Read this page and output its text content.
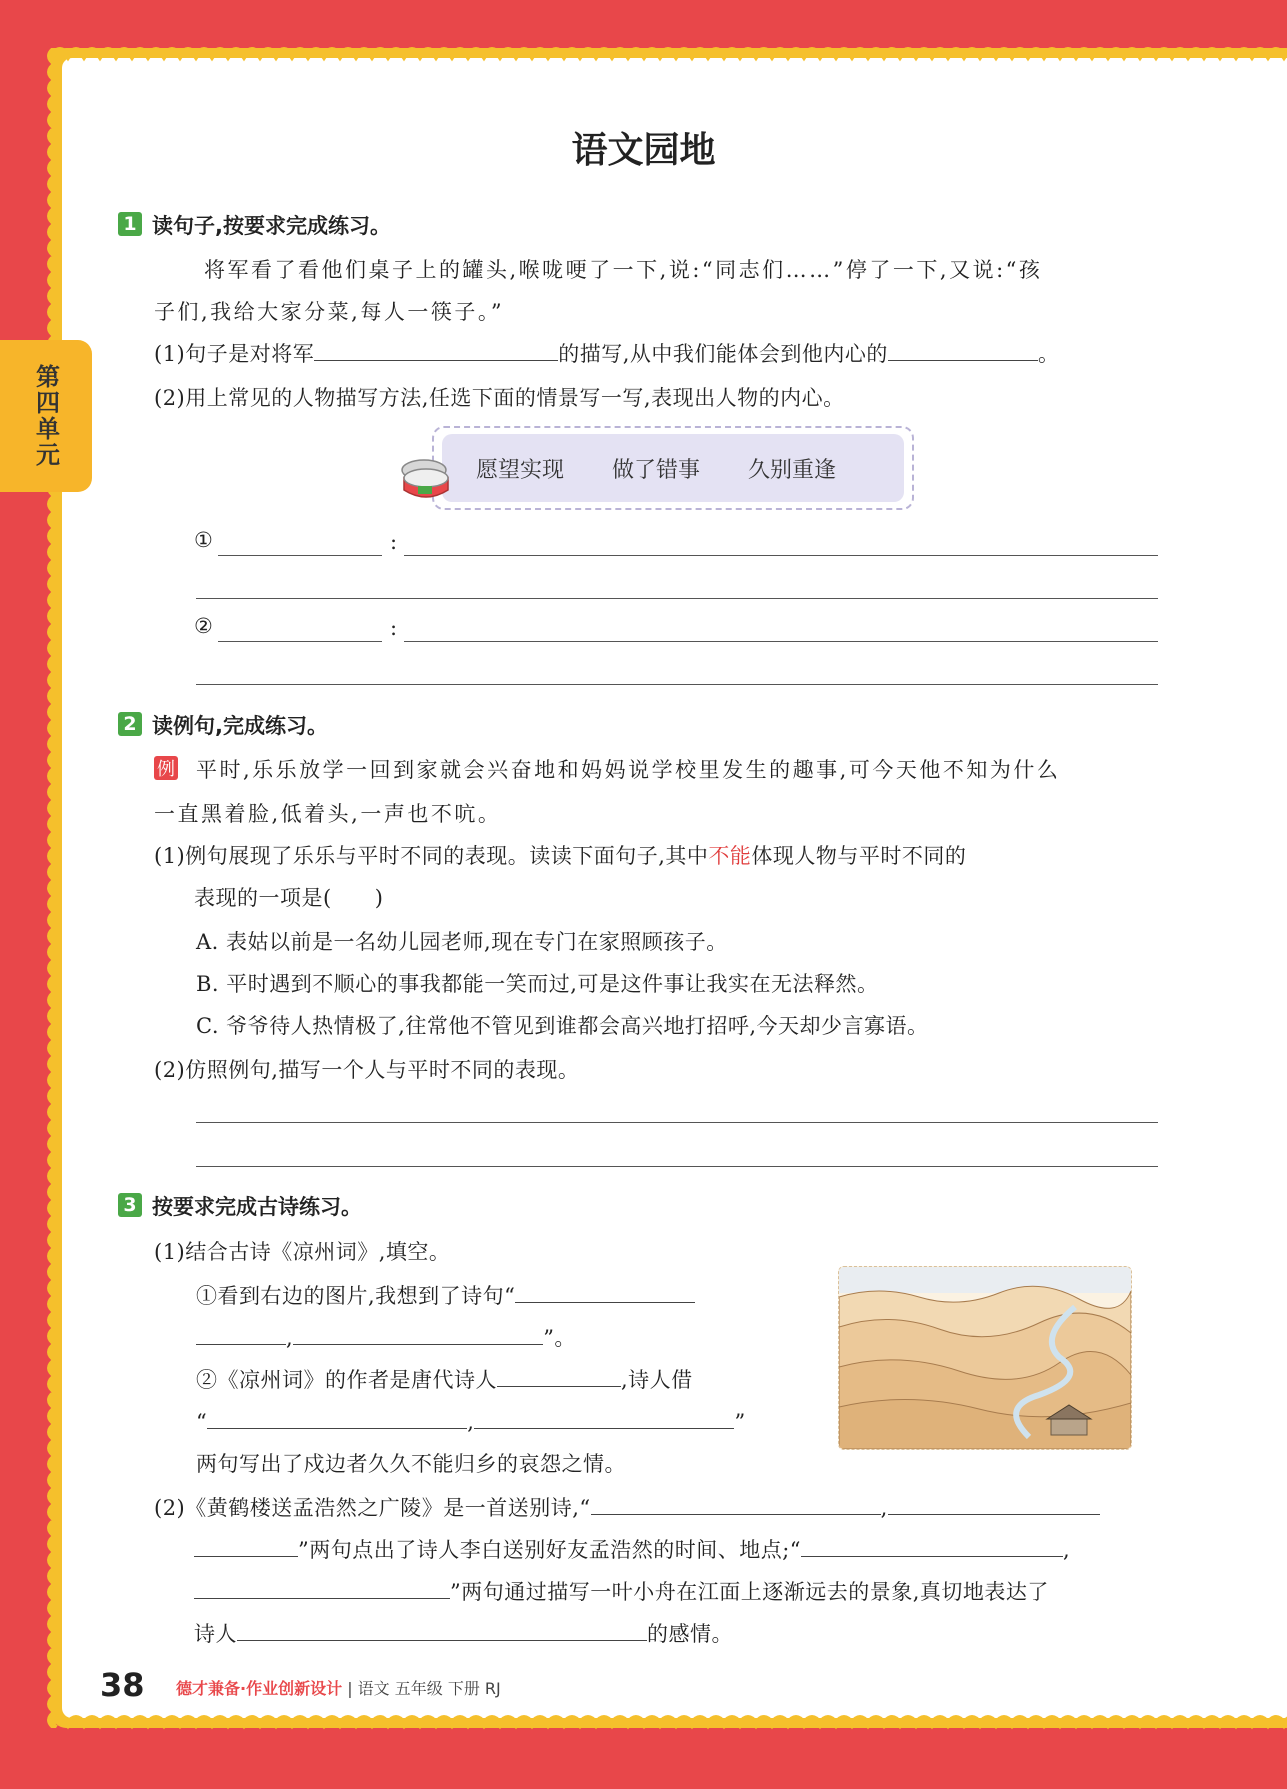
第四单元
语文园地
1 读句子,按要求完成练习。
将军看了看他们桌子上的罐头,喉咙哽了一下,说:“同志们……”停了一下,又说:“孩
子们,我给大家分菜,每人一筷子。”
(1)句子是对将军	的描写,从中我们能体会到他内心的	。
(2)用上常见的人物描写方法,任选下面的情景写一写,表现出人物的内心。
愿望实现 做了错事 久别重逢
①	:
②	:
2 读例句,完成练习。
例 平时,乐乐放学一回到家就会兴奋地和妈妈说学校里发生的趣事,可今天他不知为什么
一直黑着脸,低着头,一声也不吭。
(1)例句展现了乐乐与平时不同的表现。读读下面句子,其中不能体现人物与平时不同的
表现的一项是(　　)
A. 表姑以前是一名幼儿园老师,现在专门在家照顾孩子。
B. 平时遇到不顺心的事我都能一笑而过,可是这件事让我实在无法释然。
C. 爷爷待人热情极了,往常他不管见到谁都会高兴地打招呼,今天却少言寡语。
(2)仿照例句,描写一个人与平时不同的表现。
3 按要求完成古诗练习。
(1)结合古诗《凉州词》,填空。
①看到右边的图片,我想到了诗句“
,	”。
②《凉州词》的作者是唐代诗人	,诗人借
“	,	”
两句写出了戍边者久久不能归乡的哀怨之情。
(2)《黄鹤楼送孟浩然之广陵》是一首送别诗,“	,
”两句点出了诗人李白送别好友孟浩然的时间、地点;“	,
”两句通过描写一叶小舟在江面上逐渐远去的景象,真切地表达了
诗人	的感情。
38 德才兼备·作业创新设计 | 语文 五年级 下册 RJ
